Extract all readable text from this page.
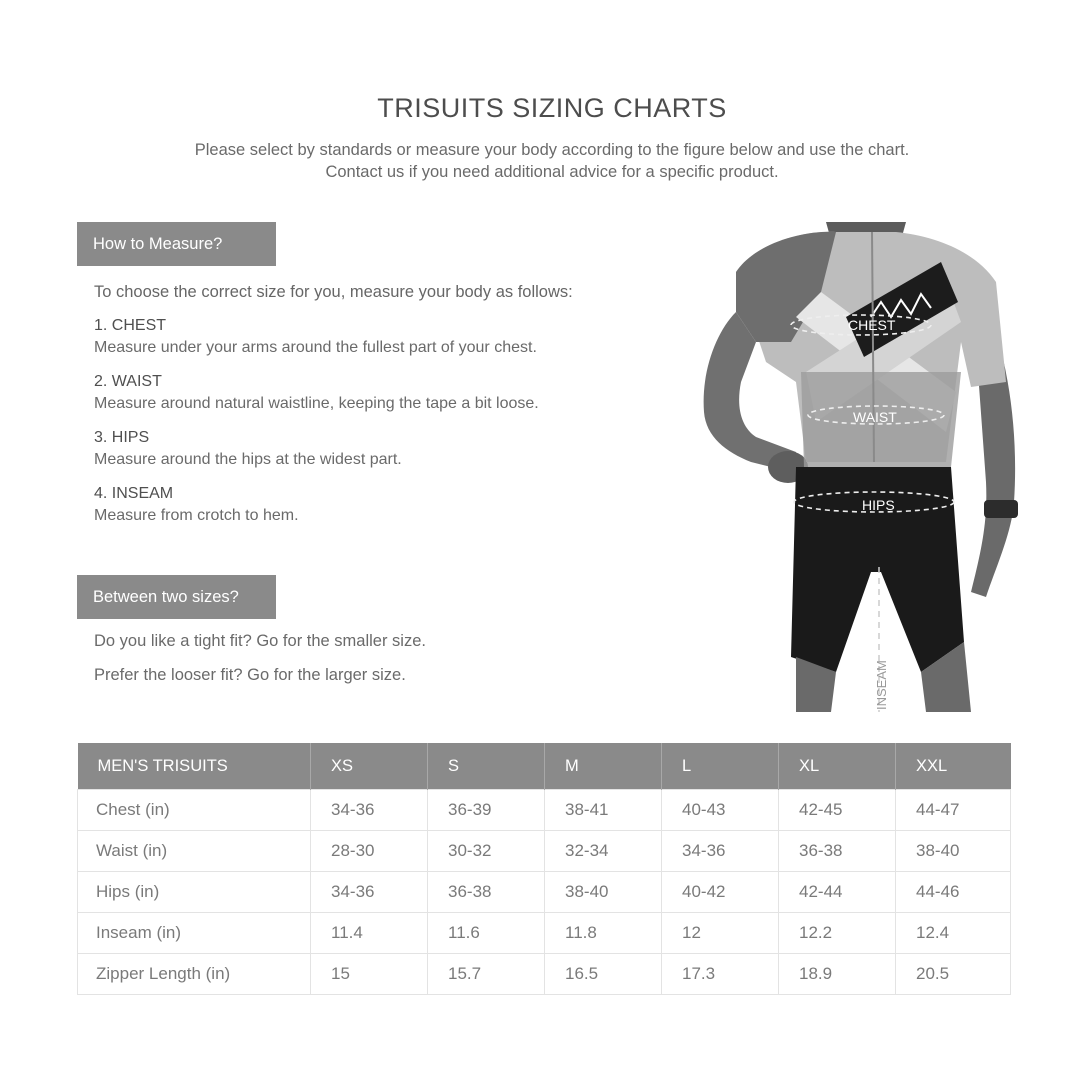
TRISUITS SIZING CHARTS
Please select by standards or measure your body according to the figure below and use the chart.
Contact us if you need additional advice for a specific product.
How to Measure?
To choose the correct size for you, measure your body as follows:
1. CHEST
Measure under your arms around the fullest part of your chest.
2. WAIST
Measure around natural waistline, keeping the tape a bit loose.
3. HIPS
Measure around the hips at the widest part.
4. INSEAM
Measure from crotch to hem.
Between two sizes?
Do you like a tight fit? Go for the smaller size.
Prefer the looser fit? Go for the larger size.
CHEST
WAIST
HIPS
INSEAM
MEN'S TRISUITS	XS	S	M	L	XL	XXL
Chest (in)	34-36	36-39	38-41	40-43	42-45	44-47
Waist (in)	28-30	30-32	32-34	34-36	36-38	38-40
Hips (in)	34-36	36-38	38-40	40-42	42-44	44-46
Inseam (in)	11.4	11.6	11.8	12	12.2	12.4
Zipper Length (in)	15	15.7	16.5	17.3	18.9	20.5
